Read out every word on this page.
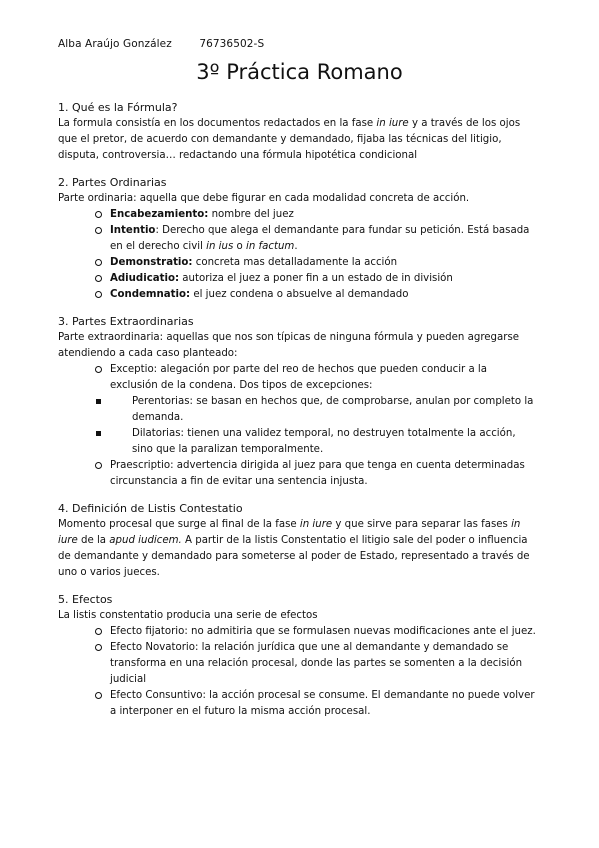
Alba Araújo González	76736502-S
3º Práctica Romano
1. Qué es la Fórmula?

La formula consistía en los documentos redactados en la fase in iure y a través de los ojos que el pretor, de acuerdo con demandante y demandado, fijaba las técnicas del litigio, disputa, controversia… redactando una fórmula hipotética condicional

2. Partes Ordinarias

Parte ordinaria: aquella que debe figurar en cada modalidad concreta de acción.

Encabezamiento: nombre del juez
Intentio: Derecho que alega el demandante para fundar su petición. Está basada en el derecho civil in ius o in factum.
Demonstratio: concreta mas detalladamente la acción
Adiudicatio: autoriza el juez a poner fin a un estado de in división
Condemnatio: el juez condena o absuelve al demandado
3. Partes Extraordinarias

Parte extraordinaria: aquellas que nos son típicas de ninguna fórmula y pueden agregarse atendiendo a cada caso planteado:

Exceptio: alegación por parte del reo de hechos que pueden conducir a la exclusión de la condena. Dos tipos de excepciones:
Perentorias: se basan en hechos que, de comprobarse, anulan por completo la demanda.
Dilatorias: tienen una validez temporal, no destruyen totalmente la acción, sino que la paralizan temporalmente.
Praescriptio: advertencia dirigida al juez para que tenga en cuenta determinadas circunstancia a fin de evitar una sentencia injusta.
4. Definición de Listis Contestatio

Momento procesal que surge al final de la fase in iure y que sirve para separar las fases in iure de la apud iudicem. A partir de la listis Constentatio el litigio sale del poder o influencia de demandante y demandado para someterse al poder de Estado, representado a través de uno o varios jueces.

5. Efectos

La listis constentatio producia una serie de efectos

Efecto fijatorio: no admitiria que se formulasen nuevas modificaciones ante el juez.
Efecto Novatorio: la relación jurídica que une al demandante y demandado se transforma en una relación procesal, donde las partes se somenten a la decisión judicial
Efecto Consuntivo: la acción procesal se consume. El demandante no puede volver a interponer en el futuro la misma acción procesal.
